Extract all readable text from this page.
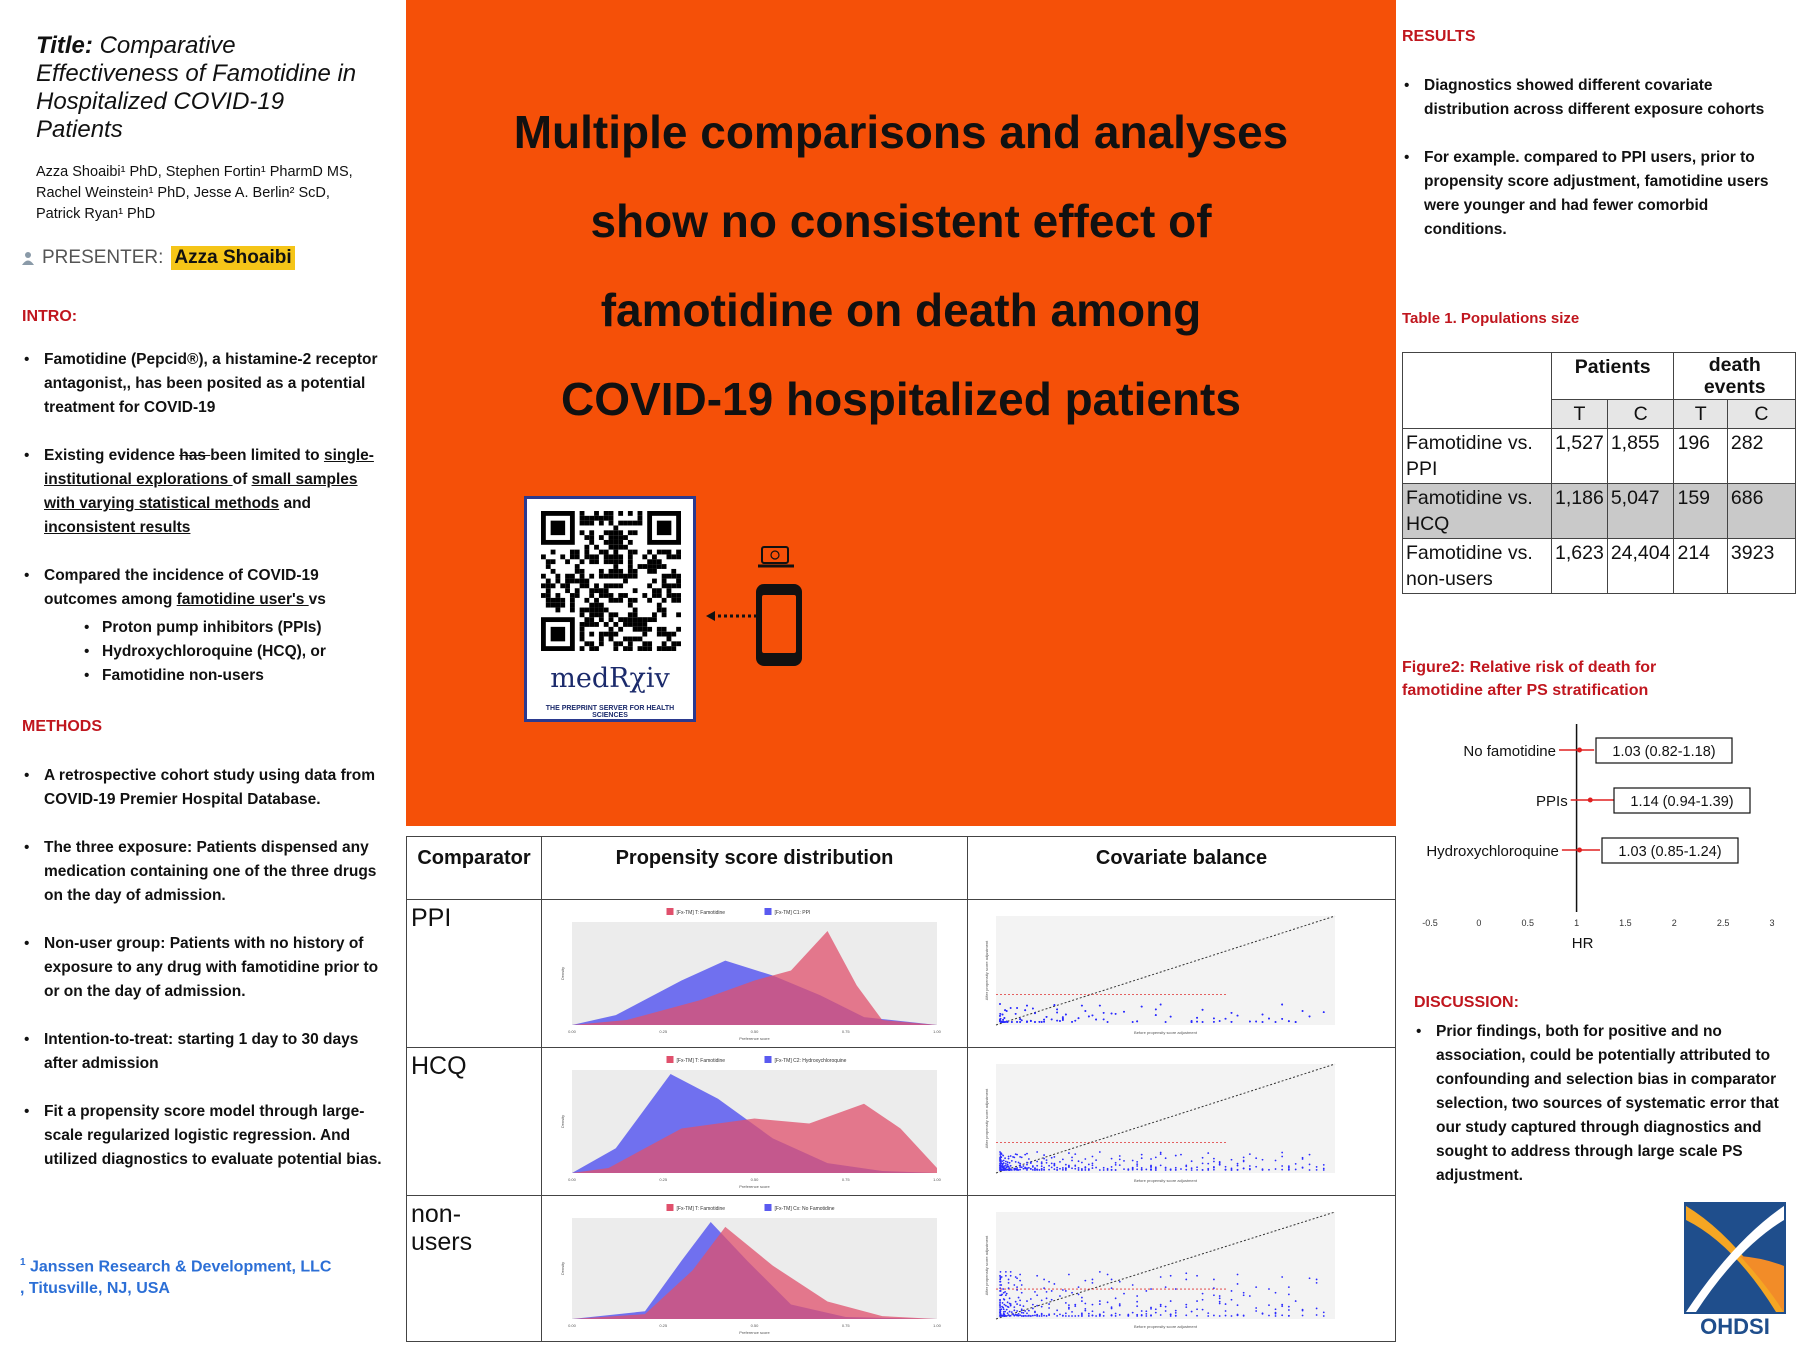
Title: Comparative Effectiveness of Famotidine in Hospitalized COVID-19 Patients
Azza Shoaibi¹ PhD, Stephen Fortin¹ PharmD MS, Rachel Weinstein¹ PhD, Jesse A. Berlin² ScD, Patrick Ryan¹ PhD
PRESENTER: Azza Shoaibi
INTRO:
• Famotidine (Pepcid®), a histamine-2 receptor antagonist,, has been posited as a potential treatment for COVID-19
• Existing evidence has been limited to single-institutional explorations of small samples with varying statistical methods and inconsistent results
• Compared the incidence of COVID-19 outcomes among famotidine user's vs
• Proton pump inhibitors (PPIs)
• Hydroxychloroquine (HCQ), or
• Famotidine non-users
METHODS
• A retrospective cohort study using data from COVID-19 Premier Hospital Database.
• The three exposure: Patients dispensed any medication containing one of the three drugs on the day of admission.
• Non-user group: Patients with no history of exposure to any drug with famotidine prior to or on the day of admission.
• Intention-to-treat: starting 1 day to 30 days after admission
• Fit a propensity score model through large-scale regularized logistic regression. And utilized diagnostics to evaluate potential bias.
$^1$ Janssen Research & Development, LLC
, Titusville, NJ, USA
Multiple comparisons and analyses
show no consistent effect of
famotidine on death among
COVID-19 hospitalized patients
medRχiv
THE PREPRINT SERVER FOR HEALTH SCIENCES
Comparator	Propensity score distribution	Covariate balance
PPI
HCQ
non-
users
[Fx-TM] T: Famotidine	[Fx-TM] C1: PPI
0.00	0.25	0.50	0.75	1.00
Preference score
Density
[Fx-TM] T: Famotidine	[Fx-TM] C2: Hydroxychloroquine
0.00	0.25	0.50	0.75	1.00
Preference score
Density
[Fx-TM] T: Famotidine	[Fx-TM] Cx: No Famotidine
0.00	0.25	0.50	0.75	1.00
Preference score
Density
Before propensity score adjustment
After propensity score adjustment
Before propensity score adjustment
After propensity score adjustment
Before propensity score adjustment
After propensity score adjustment
RESULTS
• Diagnostics showed different covariate distribution across different exposure cohorts
• For example. compared to PPI users, prior to propensity score adjustment, famotidine users were younger and had fewer comorbid conditions.
Table 1. Populations size
	Patients		death events	
	T	C	T	C
Famotidine vs. PPI	1,527	1,855	196	282
Famotidine vs. HCQ	1,186	5,047	159	686
Famotidine vs. non-users	1,623	24,404	214	3923
Figure2: Relative risk of death for famotidine after PS stratification
-0.5	0	0.5	1	1.5	2	2.5	3
HR
No famotidine	1.03 (0.82-1.18)
PPIs	1.14 (0.94-1.39)
Hydroxychloroquine	1.03 (0.85-1.24)
DISCUSSION:
• Prior findings, both for positive and no association, could be potentially attributed to confounding and selection bias in comparator selection, two sources of systematic error that our study captured through diagnostics and sought to address through large scale PS adjustment.
OHDSI
